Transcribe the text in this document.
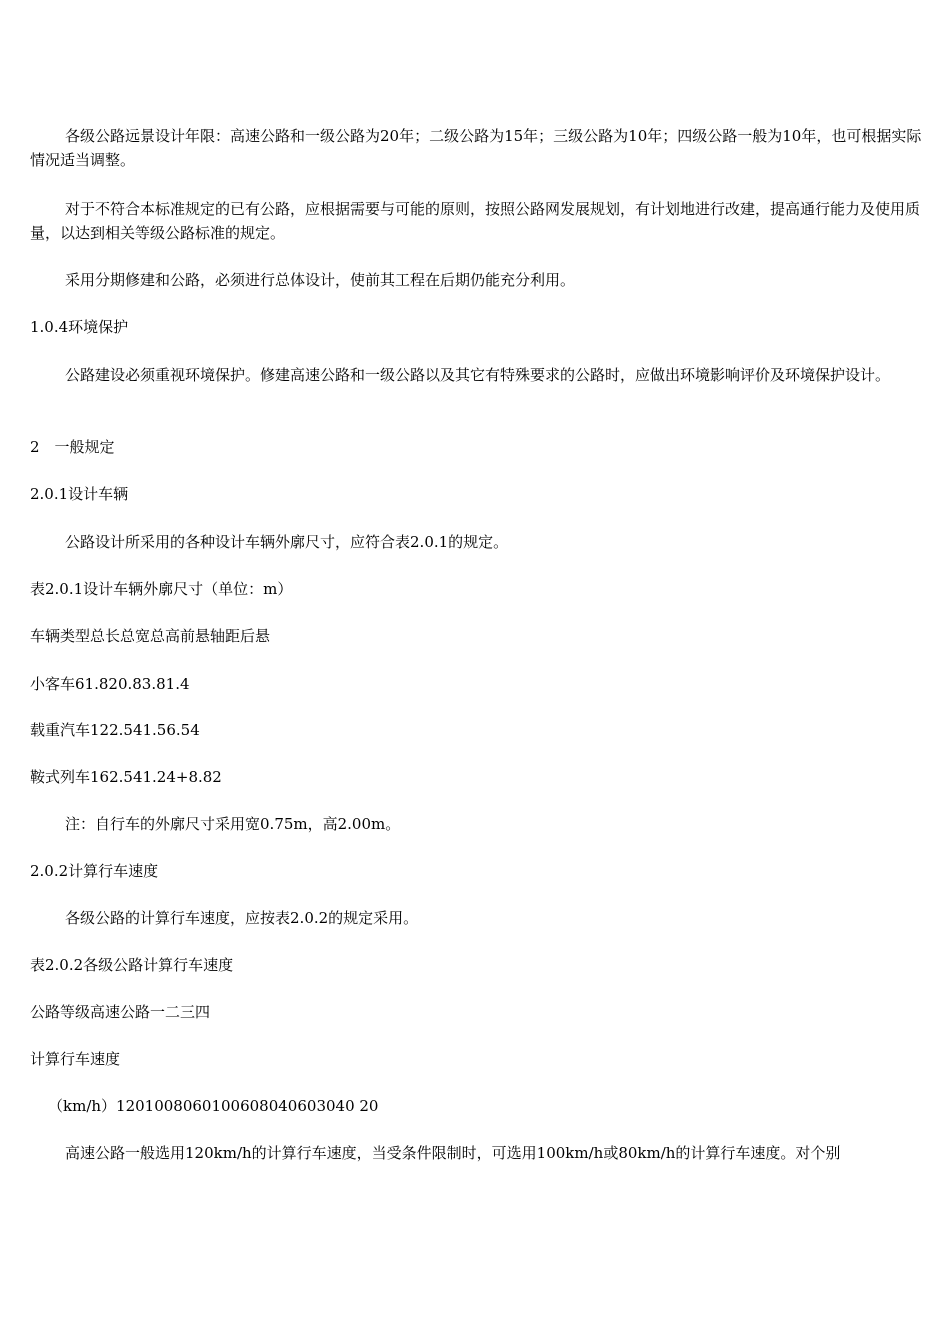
各级公路远景设计年限：高速公路和一级公路为20年；二级公路为15年；三级公路为10年；四级公路一般为10年，也可根据实际情况适当调整。

对于不符合本标准规定的已有公路，应根据需要与可能的原则，按照公路网发展规划，有计划地进行改建，提高通行能力及使用质量，以达到相关等级公路标准的规定。

采用分期修建和公路，必须进行总体设计，使前其工程在后期仍能充分利用。

1.0.4环境保护

公路建设必须重视环境保护。修建高速公路和一级公路以及其它有特殊要求的公路时，应做出环境影响评价及环境保护设计。

2　一般规定

2.0.1设计车辆

公路设计所采用的各种设计车辆外廓尺寸，应符合表2.0.1的规定。

表2.0.1设计车辆外廓尺寸（单位：m）

车辆类型总长总宽总高前悬轴距后悬

小客车61.820.83.81.4

载重汽车122.541.56.54

鞍式列车162.541.24+8.82

注：自行车的外廓尺寸采用宽0.75m，高2.00m。

2.0.2计算行车速度

各级公路的计算行车速度，应按表2.0.2的规定采用。

表2.0.2各级公路计算行车速度

公路等级高速公路一二三四

计算行车速度

（km/h）1201008060100608040603040 20

高速公路一般选用120km/h的计算行车速度，当受条件限制时，可选用100km/h或80km/h的计算行车速度。对个别
